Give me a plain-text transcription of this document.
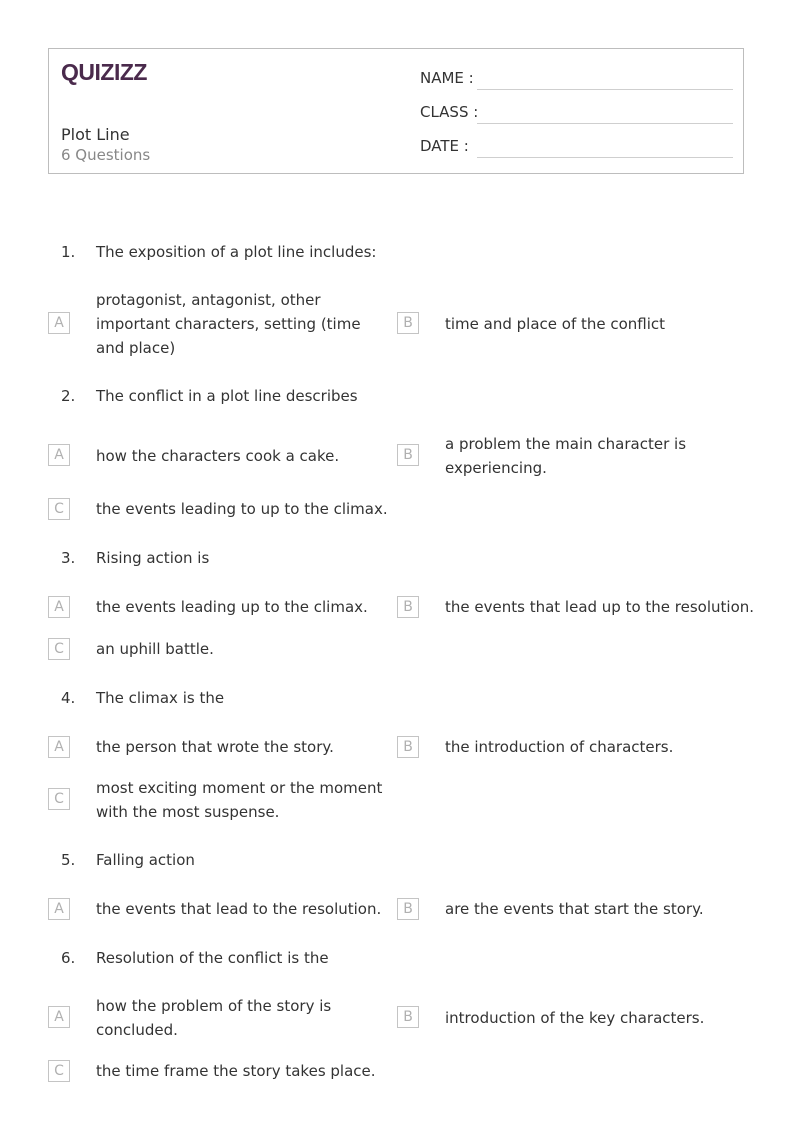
QUIZIZZ
Plot Line
6 Questions
NAME :
CLASS :
DATE :
1. The exposition of a plot line includes:
A
protagonist, antagonist, other important characters, setting (time and place)
B	time and place of the conflict
2. The conflict in a plot line describes
A	how the characters cook a cake.	B
a problem the main character is experiencing.
C	the events leading to up to the climax.
3. Rising action is
A	the events leading up to the climax.	B	the events that lead up to the resolution.
C	an uphill battle.
4. The climax is the
A	the person that wrote the story.	B	the introduction of characters.
C
most exciting moment or the moment with the most suspense.
5. Falling action
A	the events that lead to the resolution.	B	are the events that start the story.
6. Resolution of the conflict is the
A
how the problem of the story is concluded.
B	introduction of the key characters.
C	the time frame the story takes place.
